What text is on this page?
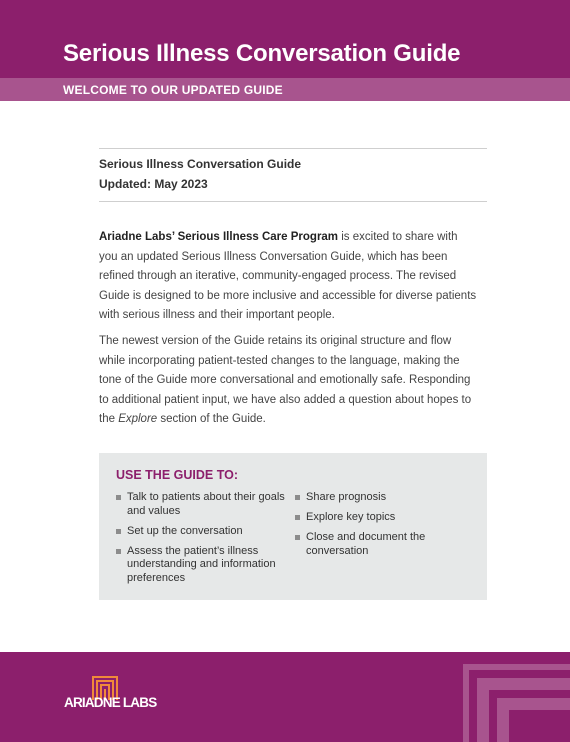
Serious Illness Conversation Guide
WELCOME TO OUR UPDATED GUIDE
Serious Illness Conversation Guide
Updated: May 2023

Ariadne Labs’ Serious Illness Care Program is excited to share with you an updated Serious Illness Conversation Guide, which has been refined through an iterative, community-engaged process. The revised Guide is designed to be more inclusive and accessible for diverse patients with serious illness and their important people.

The newest version of the Guide retains its original structure and flow while incorporating patient-tested changes to the language, making the tone of the Guide more conversational and emotionally safe. Responding to additional patient input, we have also added a question about hopes to the Explore section of the Guide.

USE THE GUIDE TO:
Talk to patients about their goals and values
Set up the conversation
Assess the patient’s illness understanding and information preferences
Share prognosis
Explore key topics
Close and document the conversation
ARIADNE LABS
